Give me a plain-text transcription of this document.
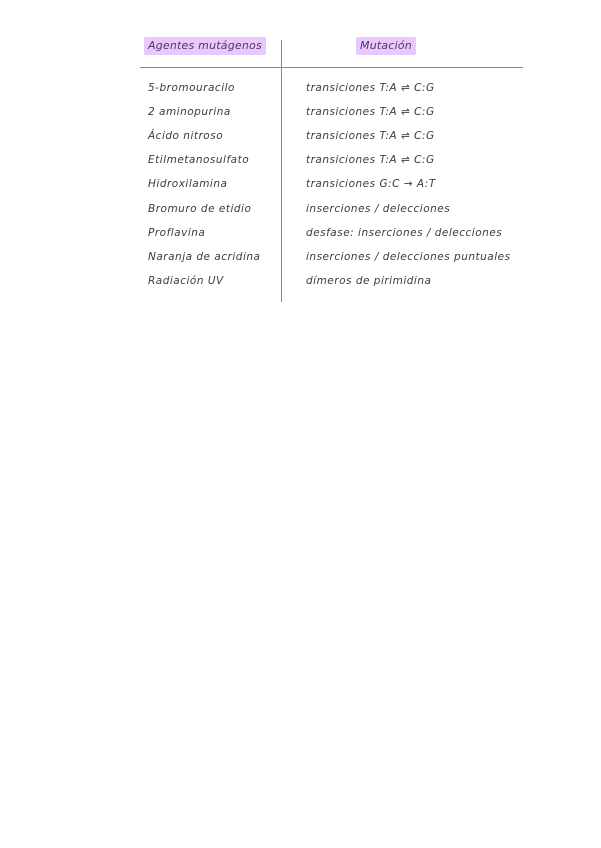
Agentes mutágenos	Mutación
5-bromouracilo	transiciones T:A ⇌ C:G
2 aminopurina	transiciones T:A ⇌ C:G
Ácido nitroso	transiciones T:A ⇌ C:G
Etilmetanosulfato	transiciones T:A ⇌ C:G
Hidroxilamina	transiciones G:C → A:T
Bromuro de etidio	inserciones / delecciones
Proflavina	desfase: inserciones / delecciones
Naranja de acridina	inserciones / delecciones puntuales
Radiación UV	dímeros de pirimidina
